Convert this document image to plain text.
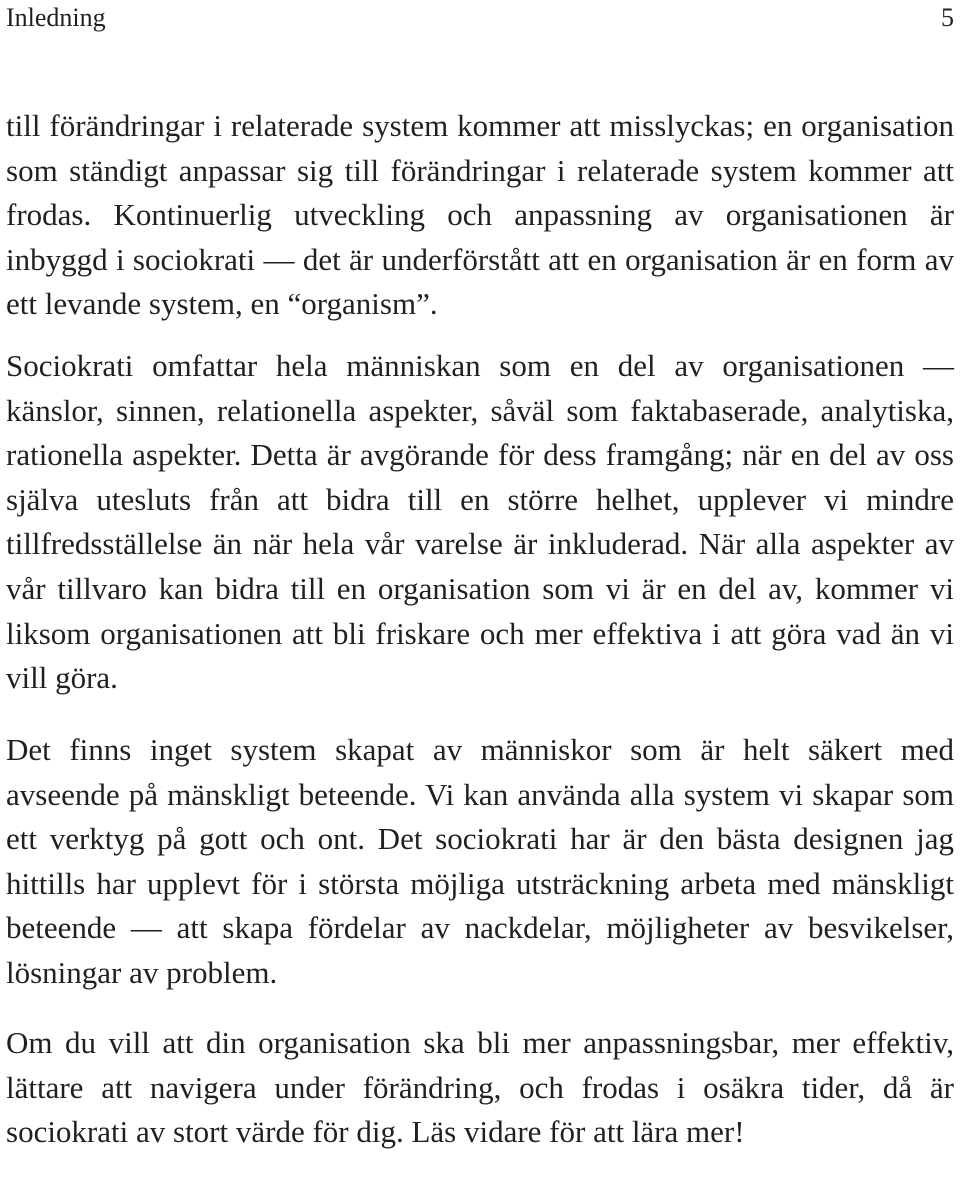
Inledning	5

till förändringar i relaterade system kommer att misslyckas; en organisation som ständigt anpassar sig till förändringar i relaterade system kommer att frodas. Kontinuerlig utveckling och anpassning av organisationen är inbyggd i sociokrati — det är underförstått att en organisation är en form av ett levande system, en “organism”.

Sociokrati omfattar hela människan som en del av organisationen — känslor, sinnen, relationella aspekter, såväl som faktabaserade, analytiska, rationella aspekter. Detta är avgörande för dess framgång; när en del av oss själva utesluts från att bidra till en större helhet, upplever vi mindre tillfredsställelse än när hela vår varelse är inkluderad. När alla aspekter av vår tillvaro kan bidra till en organisation som vi är en del av, kommer vi liksom organisationen att bli friskare och mer effektiva i att göra vad än vi vill göra.

Det finns inget system skapat av människor som är helt säkert med avseende på mänskligt beteende. Vi kan använda alla system vi skapar som ett verktyg på gott och ont. Det sociokrati har är den bästa designen jag hittills har upplevt för i största möjliga utsträckning arbeta med mänskligt beteende — att skapa fördelar av nackdelar, möjligheter av besvikelser, lösningar av problem.

Om du vill att din organisation ska bli mer anpassningsbar, mer effektiv, lättare att navigera under förändring, och frodas i osäkra tider, då är sociokrati av stort värde för dig. Läs vidare för att lära mer!
